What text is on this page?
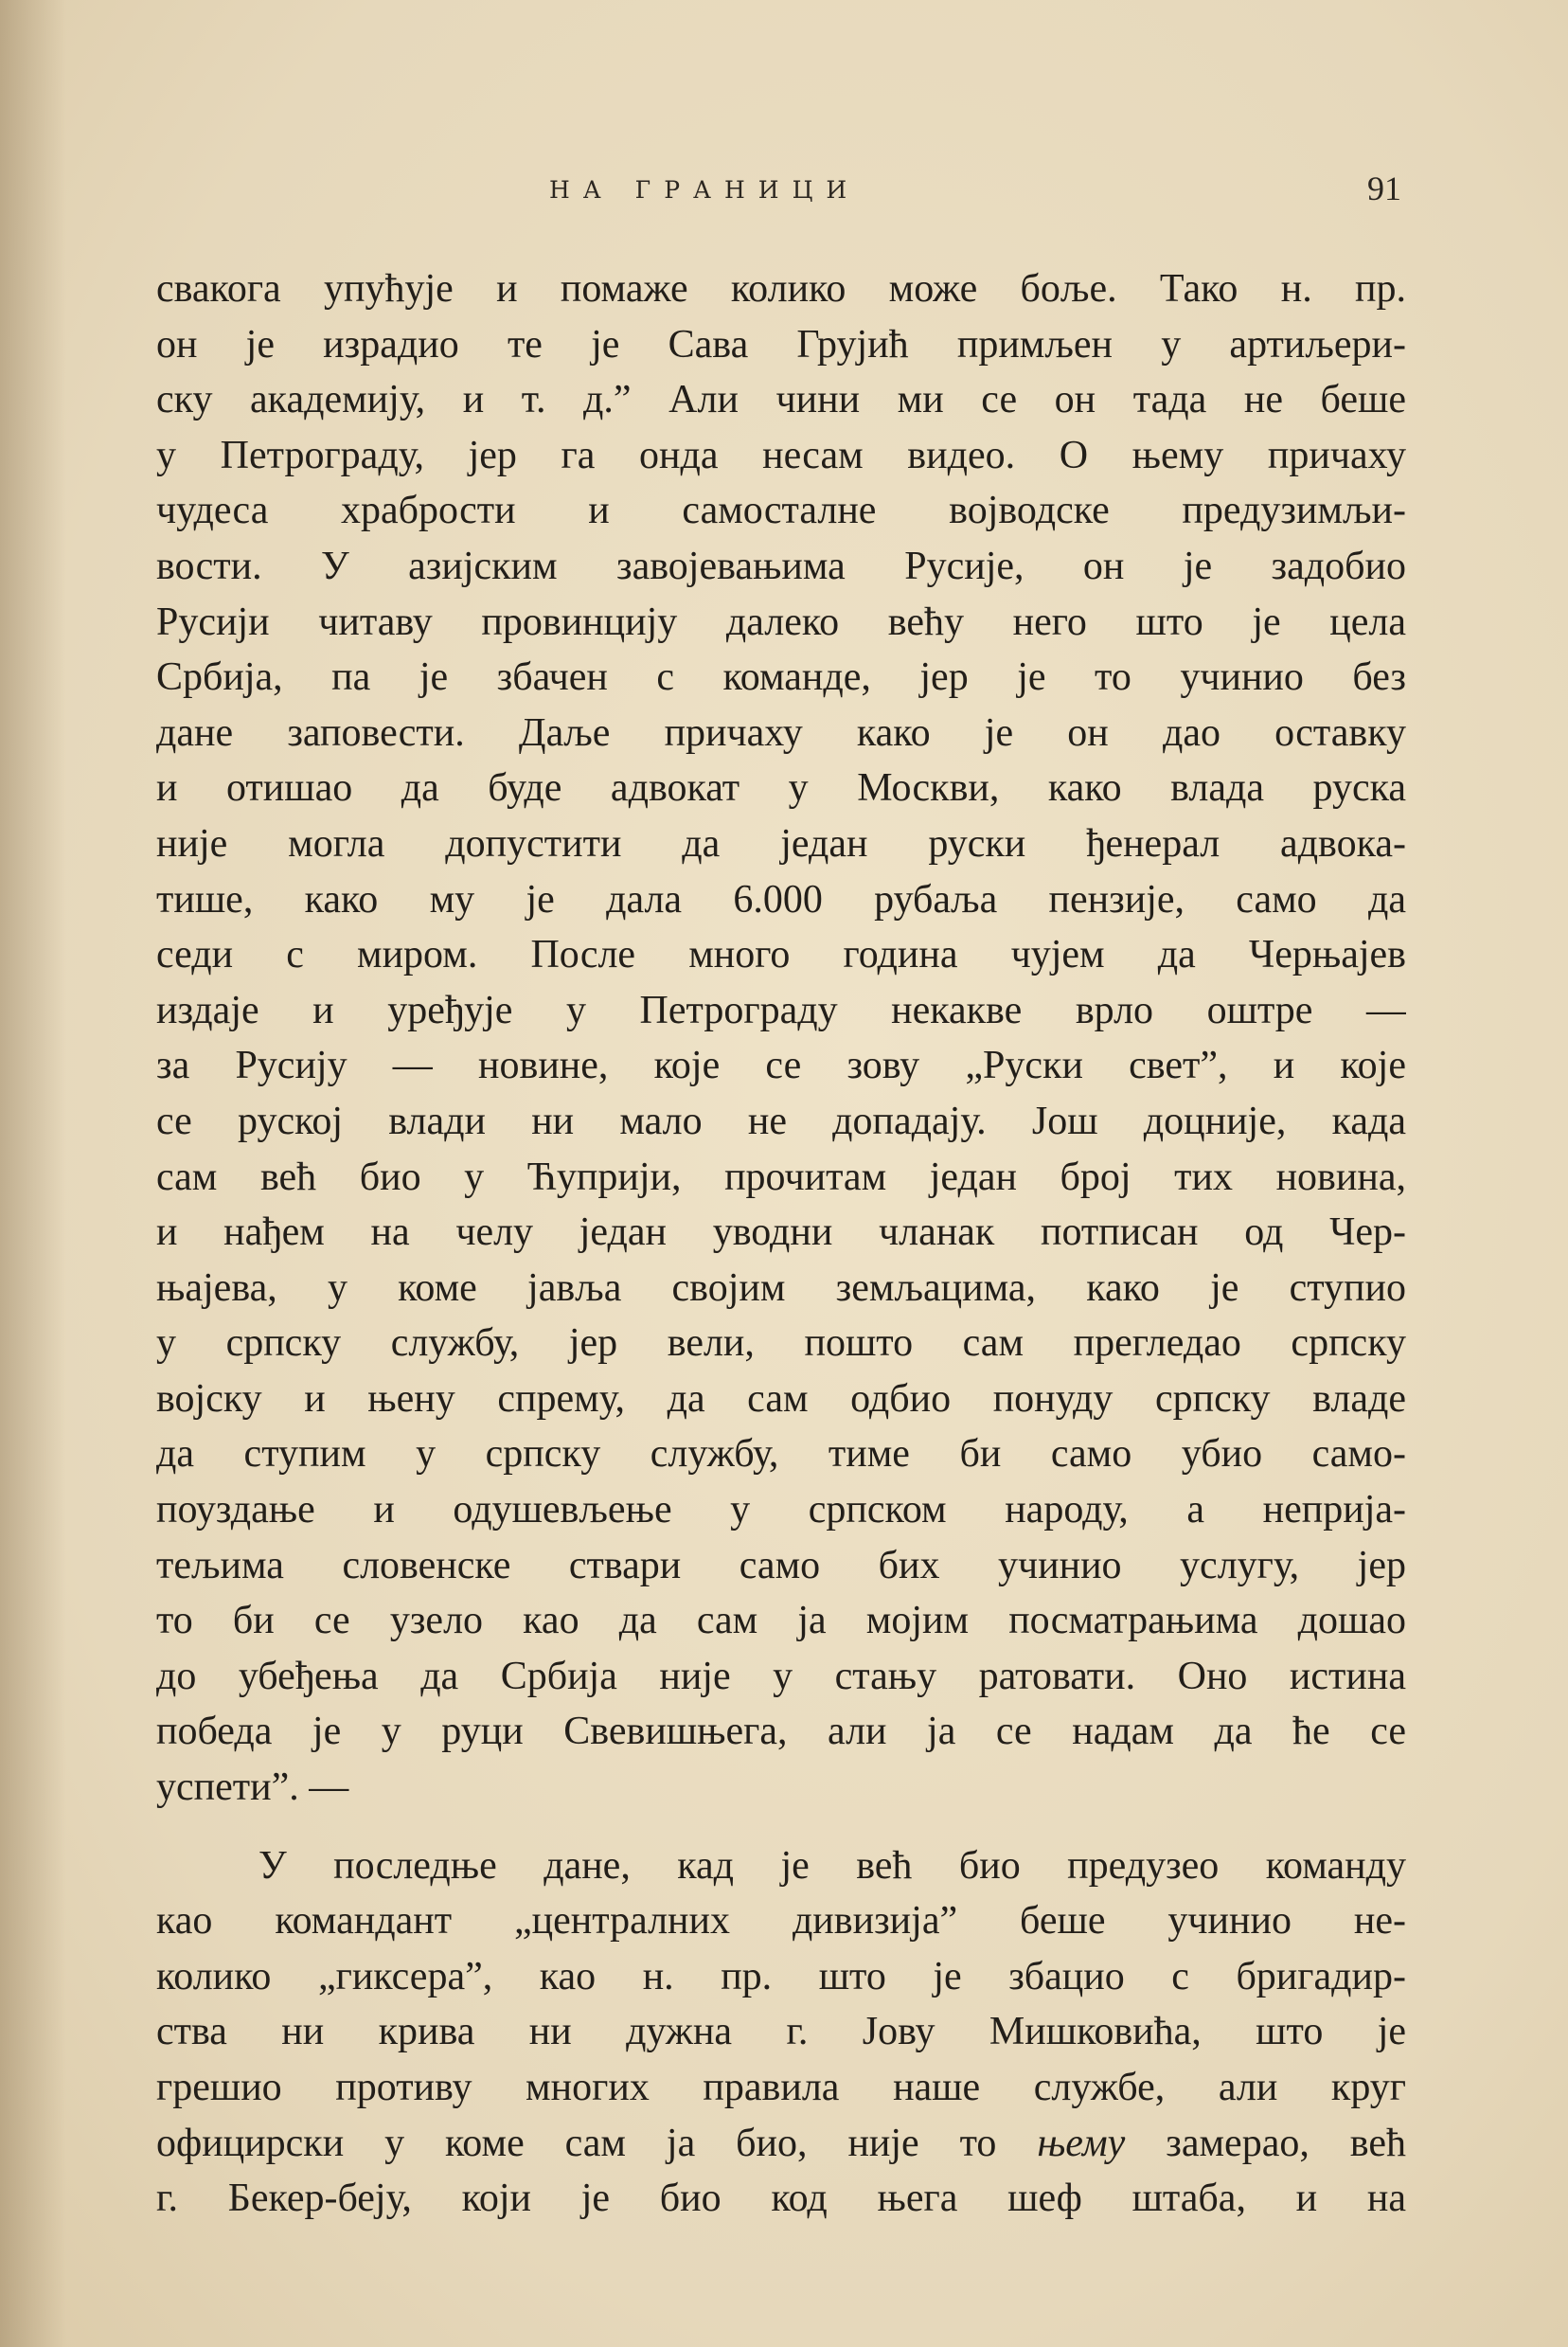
НА ГРАНИЦИ	91
свакога упућује и помаже колико може боље. Тако н. пр.
он је израдио те је Сава Грујић примљен у артиљери-
ску академију, и т. д.” Али чини ми се он тада не беше
у Петрограду, јер га онда несам видео. О њему причаху
чудеса храбрости и самосталне војводске предузимљи-
вости. У азијским завојевањима Русије, он је задобио
Русији читаву провинцију далеко већу него што је цела
Србија, па је збачен с команде, јер је то учинио без
дане заповести. Даље причаху како је он дао оставку
и отишао да буде адвокат у Москви, како влада руска
није могла допустити да један руски ђенерал адвока-
тише, како му је дала 6.000 рубаља пензије, само да
седи с миром. После много година чујем да Черњајев
издаје и уређује у Петрограду некакве врло оштре —
за Русију — новине, које се зову „Руски свет”, и које
се руској влади ни мало не допадају. Још доцније, када
сам већ био у Ћуприји, прочитам један број тих новина,
и нађем на челу један уводни чланак потписан од Чер-
њајева, у коме јавља својим земљацима, како је ступио
у српску службу, јер вели, пошто сам прегледао српску
војску и њену спрему, да сам одбио понуду српску владе
да ступим у српску службу, тиме би само убио само-
поуздање и одушевљење у српском народу, а неприја-
тељима словенске ствари само бих учинио услугу, јер
то би се узело као да сам ја мојим посматрањима дошао
до убеђења да Србија није у стању ратовати. Оно истина
победа је у руци Свевишњега, али ја се надам да ће се
успети”. —
У последње дане, кад је већ био предузео команду
као командант „централних дивизија” беше учинио не-
колико „гиксера”, као н. пр. што је збацио с бригадир-
ства ни крива ни дужна г. Јову Мишковића, што је
грешио противу многих правила наше службе, али круг
официрски у коме сам ја био, није то њему замерао, већ
г. Бекер-беју, који је био код њега шеф штаба, и на
